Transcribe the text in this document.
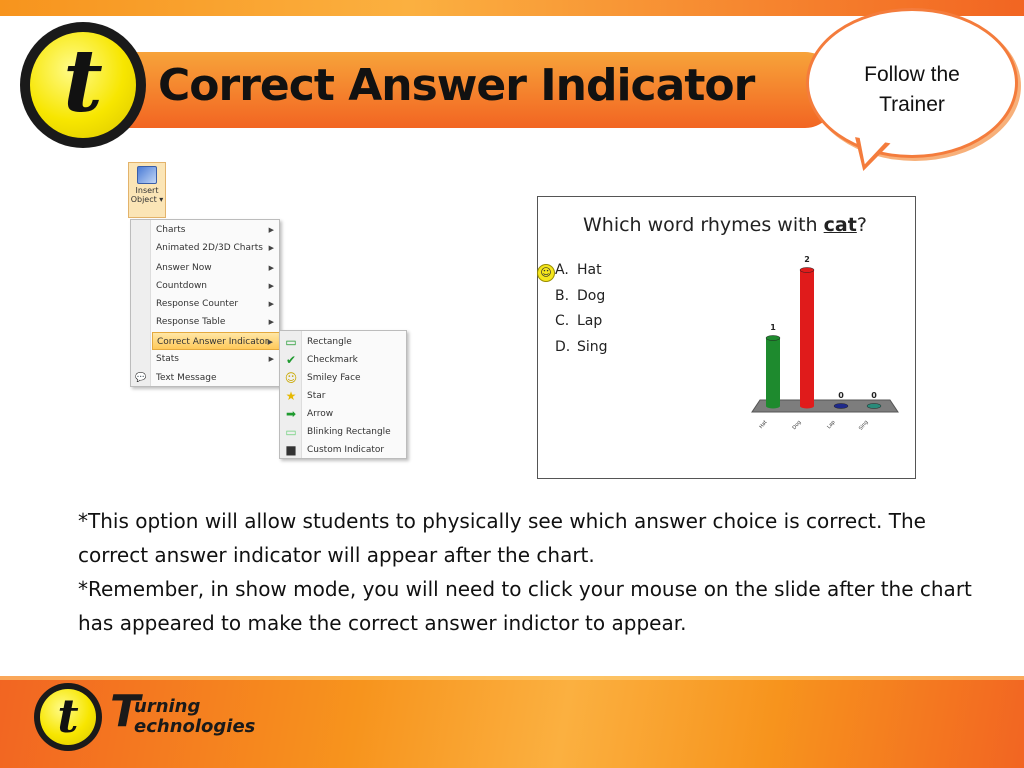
t	Correct Answer Indicator	Follow the Trainer
Insert Object ▾
Charts	▶
Animated 2D/3D Charts ▶
Answer Now	▶
Countdown	▶
Response Counter	▶
Response Table	▶
Correct Answer Indicator ▶
Stats	▶
Text Message
💬
▭	Rectangle
✔	Checkmark
☺	Smiley Face
★	Star
➡	Arrow
▭	Blinking Rectangle
■	Custom Indicator
Which word rhymes with cat?
☺ A. Hat
B. Dog
C. Lap
D. Sing
1
Hat
2
Dog
0
Lap
0
Sing
*This option will allow students to physically see which answer choice is correct. The correct answer indicator will appear after the chart.
*Remember, in show mode, you will need to click your mouse on the slide after the chart has appeared to make the correct answer indictor to appear.
t T
urning
echnologies
